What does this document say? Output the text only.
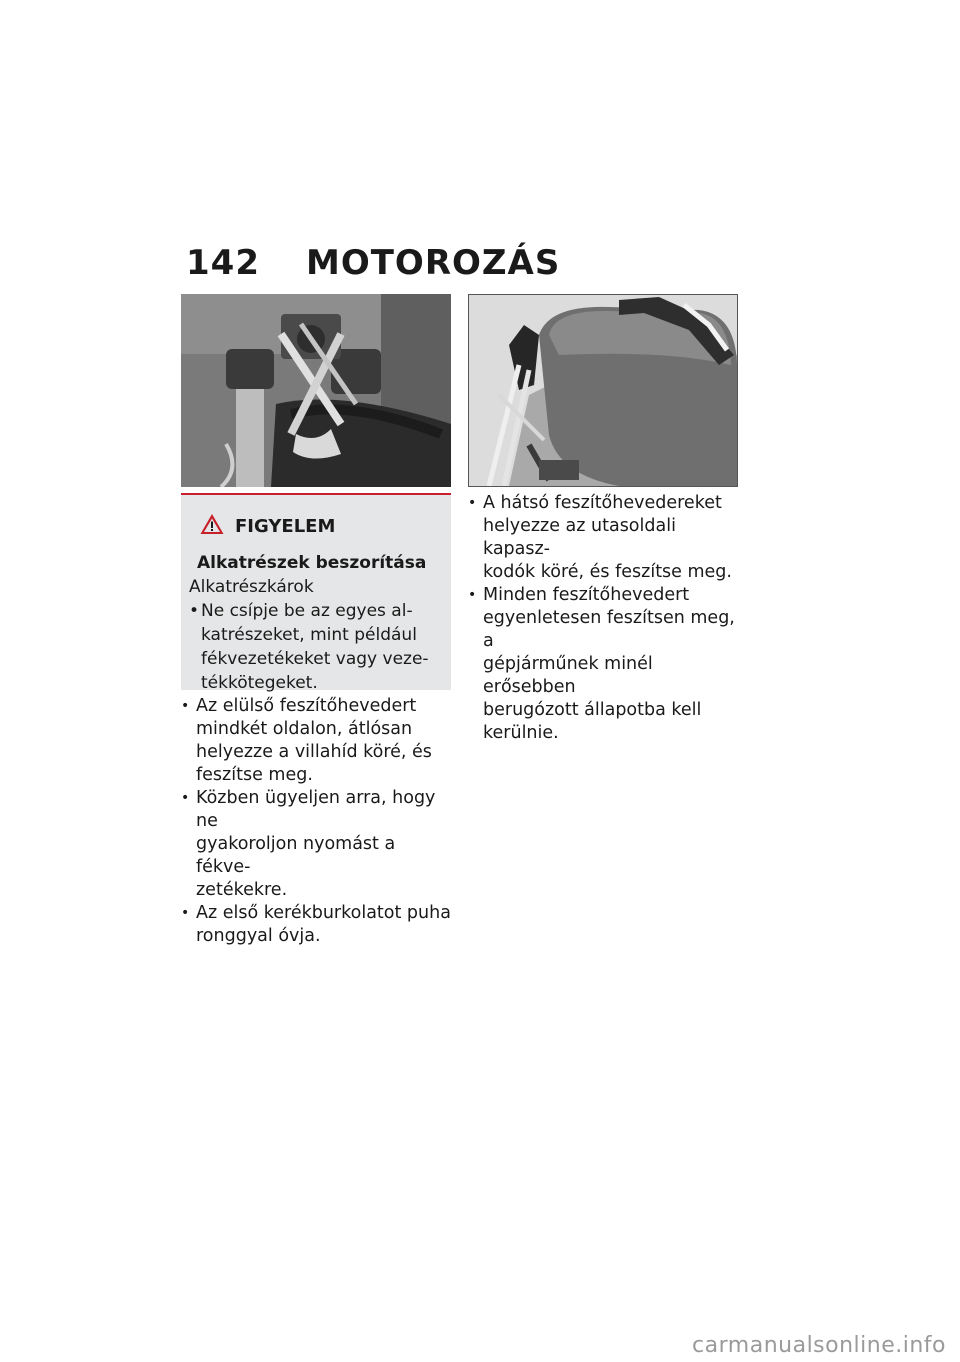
142 MOTOROZÁS
FIGYELEM
Alkatrészek beszorítása
Alkatrészkárok
• Ne csípje be az egyes al-
katrészeket, mint például
fékvezetékeket vagy veze-
tékkötegeket.
• Az elülső feszítőhevedert
mindkét oldalon, átlósan
helyezze a villahíd köré, és
feszítse meg.
• Közben ügyeljen arra, hogy ne
gyakoroljon nyomást a fékve-
zetékekre.
• Az első kerékburkolatot puha
ronggyal óvja.
• A hátsó feszítőhevedereket
helyezze az utasoldali kapasz-
kodók köré, és feszítse meg.
• Minden feszítőhevedert
egyenletesen feszítsen meg, a
gépjárműnek minél erősebben
berugózott állapotba kell
kerülnie.
carmanualsonline.info
